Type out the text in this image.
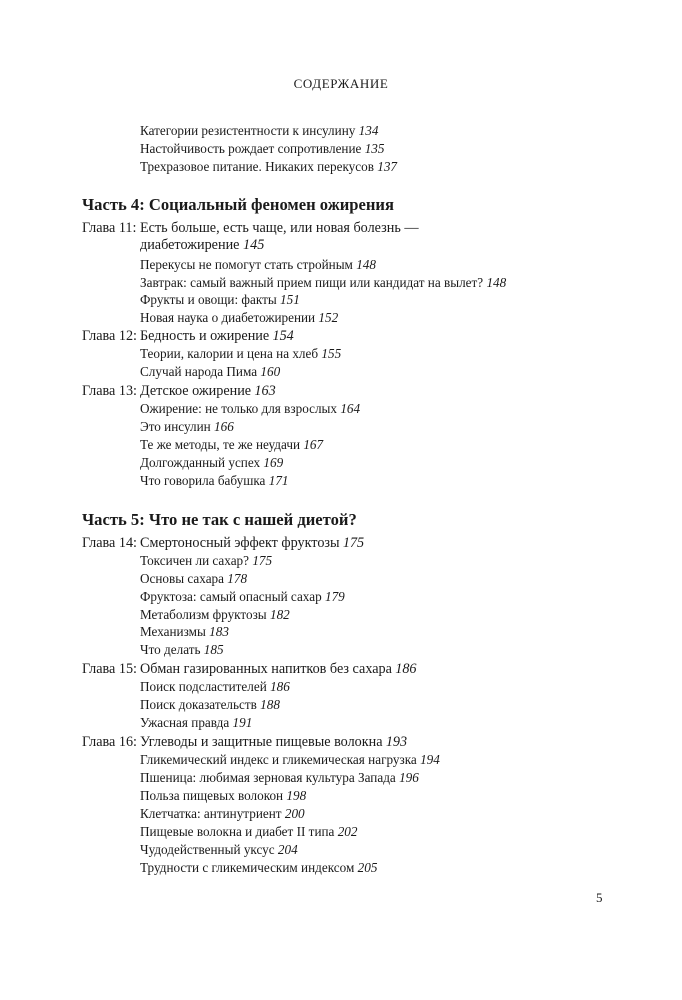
СОДЕРЖАНИЕ
Категории резистентности к инсулину 134
Настойчивость рождает сопротивление 135
Трехразовое питание. Никаких перекусов 137
Часть 4: Социальный феномен ожирения
Глава 11: Есть больше, есть чаще, или новая болезнь —
диабетожирение 145
Перекусы не помогут стать стройным 148
Завтрак: самый важный прием пищи или кандидат на вылет? 148
Фрукты и овощи: факты 151
Новая наука о диабетожирении 152
Глава 12: Бедность и ожирение 154
Теории, калории и цена на хлеб 155
Случай народа Пима 160
Глава 13: Детское ожирение 163
Ожирение: не только для взрослых 164
Это инсулин 166
Те же методы, те же неудачи 167
Долгожданный успех 169
Что говорила бабушка 171
Часть 5: Что не так с нашей диетой?
Глава 14: Смертоносный эффект фруктозы 175
Токсичен ли сахар? 175
Основы сахара 178
Фруктоза: самый опасный сахар 179
Метаболизм фруктозы 182
Механизмы 183
Что делать 185
Глава 15: Обман газированных напитков без сахара 186
Поиск подсластителей 186
Поиск доказательств 188
Ужасная правда 191
Глава 16: Углеводы и защитные пищевые волокна 193
Гликемический индекс и гликемическая нагрузка 194
Пшеница: любимая зерновая культура Запада 196
Польза пищевых волокон 198
Клетчатка: антинутриент 200
Пищевые волокна и диабет II типа 202
Чудодейственный уксус 204
Трудности с гликемическим индексом 205
5
